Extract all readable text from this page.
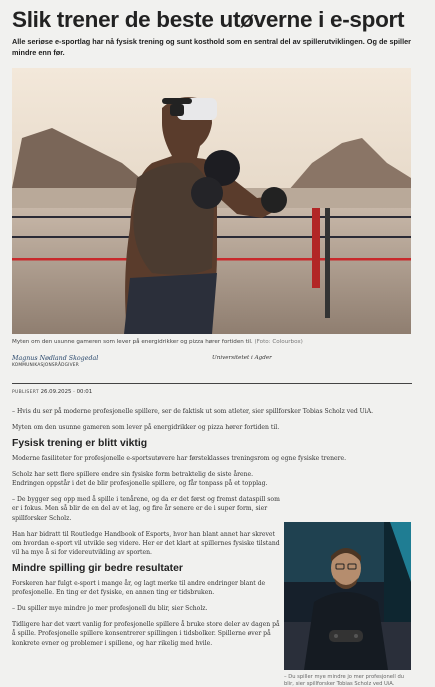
Slik trener de beste utøverne i e-sport

Alle seriøse e-sportlag har nå fysisk trening og sunt kosthold som en sentral del av spillerutviklingen. Og de spiller mindre enn før.

Myten om den usunne gameren som lever på energidrikker og pizza hører fortiden til. (Foto: Colourbox)

Magnus Nødland Skogedal
KOMMUNIKASJONSRÅDGIVER
Universitetet i Agder

PUBLISERT 26.09.2025 · 00:01

– Hvis du ser på moderne profesjonelle spillere, ser de faktisk ut som atleter, sier spillforsker Tobias Scholz ved UiA.

Myten om den usunne gameren som lever på energidrikker og pizza hører fortiden til.

Fysisk trening er blitt viktig

Moderne fasiliteter for profesjonelle e-sportsutøvere har førsteklasses treningsrom og egne fysiske trenere.

Scholz har sett flere spillere endre sin fysiske form betraktelig de siste årene. Endringen oppstår i det de blir profesjonelle spillere, og får tonpass på et topplag.

– De bygger seg opp med å spille i tenårene, og da er det først og fremst dataspill som er i fokus. Men så blir de en del av et lag, og fire år senere er de i super form, sier spillforsker Scholz.

Han har bidratt til Routledge Handbook of Esports, hvor han blant annet har skrevet om hvordan e-sport vil utvikle seg videre. Her er det klart at spillernes fysiske tilstand vil ha mye å si for videreutvikling av sporten.

Mindre spilling gir bedre resultater

Forskeren har fulgt e-sport i mange år, og lagt merke til andre endringer blant de profesjonelle. En ting er det fysiske, en annen ting er tidsbruken.

– Du spiller mye mindre jo mer profesjonell du blir, sier Scholz.

Tidligere har det vært vanlig for profesjonelle spillere å bruke store deler av dagen på å spille. Profesjonelle spillere konsentrerer spillingen i tidsbolker. Spillerne øver på konkrete evner og problemer i spillene, og har rikelig med hvile.

– Du spiller mye mindre jo mer profesjonell du blir, sier spillforsker Tobias Scholz ved UiA.
